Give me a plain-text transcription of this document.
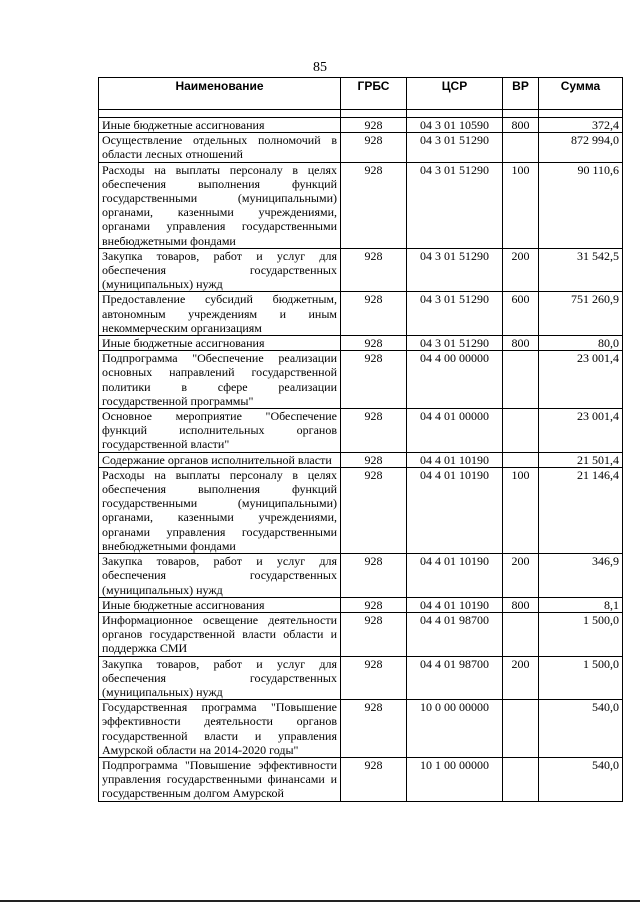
85
Наименование	ГРБС	ЦСР	ВР	Сумма

Иные бюджетные ассигнования	928	04 3 01 10590	800	372,4
Осуществление отдельных полномочий в области лесных отношений	928	04 3 01 51290		872 994,0
Расходы на выплаты персоналу в целях обеспечения выполнения функций государственными (муниципальными) органами, казенными учреждениями, органами управления государственными внебюджетными фондами	928	04 3 01 51290	100	90 110,6
Закупка товаров, работ и услуг для обеспечения государственных (муниципальных) нужд	928	04 3 01 51290	200	31 542,5
Предоставление субсидий бюджетным, автономным учреждениям и иным некоммерческим организациям	928	04 3 01 51290	600	751 260,9
Иные бюджетные ассигнования	928	04 3 01 51290	800	80,0
Подпрограмма "Обеспечение реализации основных направлений государственной политики в сфере реализации государственной программы"	928	04 4 00 00000		23 001,4
Основное мероприятие "Обеспечение функций исполнительных органов государственной власти"	928	04 4 01 00000		23 001,4
Содержание органов исполнительной власти	928	04 4 01 10190		21 501,4
Расходы на выплаты персоналу в целях обеспечения выполнения функций государственными (муниципальными) органами, казенными учреждениями, органами управления государственными внебюджетными фондами	928	04 4 01 10190	100	21 146,4
Закупка товаров, работ и услуг для обеспечения государственных (муниципальных) нужд	928	04 4 01 10190	200	346,9
Иные бюджетные ассигнования	928	04 4 01 10190	800	8,1
Информационное освещение деятельности органов государственной власти области и поддержка СМИ	928	04 4 01 98700		1 500,0
Закупка товаров, работ и услуг для обеспечения государственных (муниципальных) нужд	928	04 4 01 98700	200	1 500,0
Государственная программа "Повышение эффективности деятельности органов государственной власти и управления Амурской области на 2014-2020 годы"	928	10 0 00 00000		540,0
Подпрограмма "Повышение эффективности управления государственными финансами и государственным долгом Амурской	928	10 1 00 00000		540,0
